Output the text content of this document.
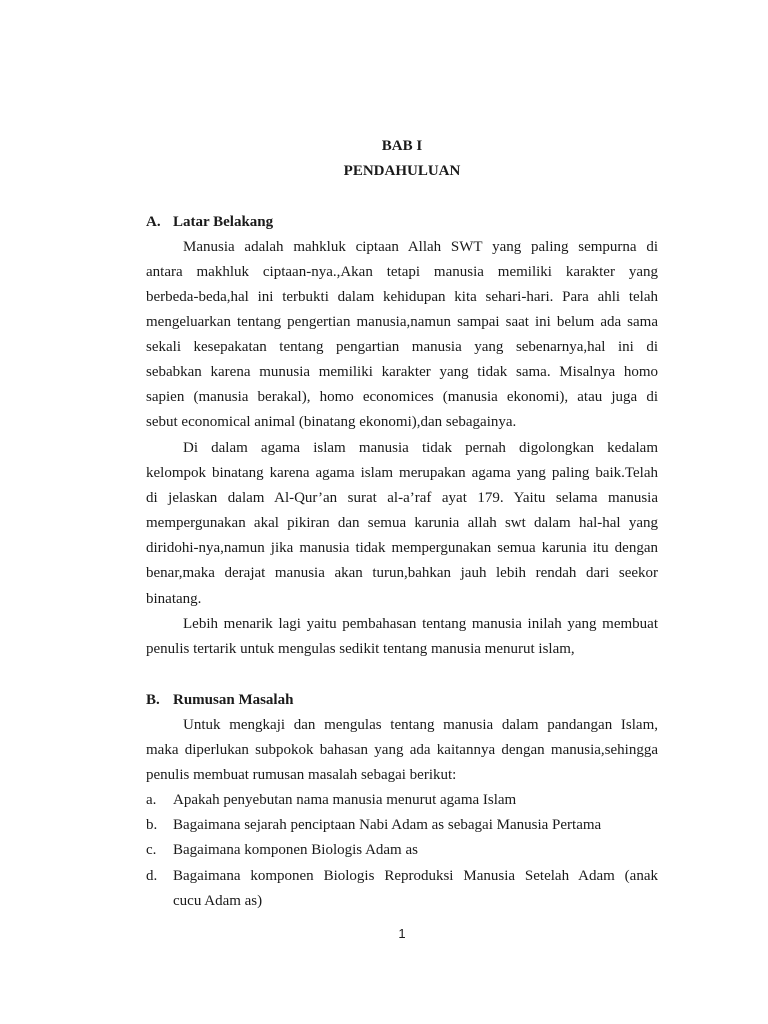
BAB I
PENDAHULUAN
A. Latar Belakang
Manusia adalah mahkluk ciptaan Allah SWT yang paling sempurna di
antara makhluk ciptaan-nya.,Akan tetapi manusia memiliki karakter yang
berbeda-beda,hal ini terbukti dalam kehidupan kita sehari-hari. Para ahli telah
mengeluarkan tentang pengertian manusia,namun sampai saat ini belum ada sama
sekali kesepakatan tentang pengartian manusia yang sebenarnya,hal ini di
sebabkan karena munusia memiliki karakter yang tidak sama. Misalnya homo
sapien (manusia berakal), homo economices (manusia ekonomi), atau juga di
sebut economical animal (binatang ekonomi),dan sebagainya.
Di dalam agama islam manusia tidak pernah digolongkan kedalam
kelompok binatang karena agama islam merupakan agama yang paling baik.Telah
di jelaskan dalam Al-Qur’an surat al-a’raf ayat 179. Yaitu selama manusia
mempergunakan akal pikiran dan semua karunia allah swt dalam hal-hal yang
diridohi-nya,namun jika manusia tidak mempergunakan semua karunia itu dengan
benar,maka derajat manusia akan turun,bahkan jauh lebih rendah dari seekor
binatang.
Lebih menarik lagi yaitu pembahasan tentang manusia inilah yang membuat
penulis tertarik untuk mengulas sedikit tentang manusia menurut islam,
B. Rumusan Masalah
Untuk mengkaji dan mengulas tentang manusia dalam pandangan Islam,
maka diperlukan subpokok bahasan yang ada kaitannya dengan manusia,sehingga
penulis membuat rumusan masalah sebagai berikut:
a. Apakah penyebutan nama manusia menurut agama Islam
b. Bagaimana sejarah penciptaan Nabi Adam as sebagai Manusia Pertama
c. Bagaimana komponen Biologis Adam as
d. Bagaimana komponen Biologis Reproduksi Manusia Setelah Adam (anak
cucu Adam as)
1
